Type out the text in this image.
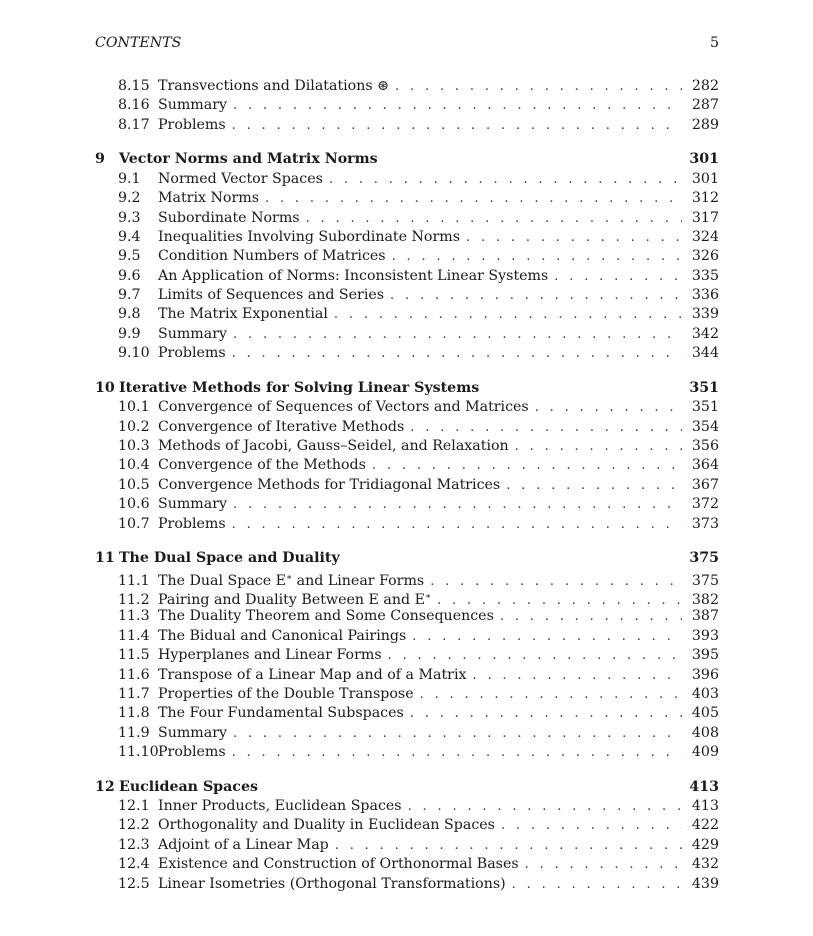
CONTENTS	5
8.15 Transvections and Dilatations ⊛ . . .	282
8.16 Summary . . .	287
8.17 Problems . . .	289
9 Vector Norms and Matrix Norms	301
9.1	Normed Vector Spaces . . .	301
9.2	Matrix Norms . . .	312
9.3	Subordinate Norms . . .	317
9.4	Inequalities Involving Subordinate Norms . . .	324
9.5	Condition Numbers of Matrices . . .	326
9.6	An Application of Norms: Inconsistent Linear Systems . . .	335
9.7	Limits of Sequences and Series . . .	336
9.8	The Matrix Exponential . . .	339
9.9	Summary . . .	342
9.10 Problems . . .	344
10 Iterative Methods for Solving Linear Systems	351
10.1 Convergence of Sequences of Vectors and Matrices . . .	351
10.2 Convergence of Iterative Methods . . .	354
10.3 Methods of Jacobi, Gauss–Seidel, and Relaxation . . .	356
10.4 Convergence of the Methods . . .	364
10.5 Convergence Methods for Tridiagonal Matrices . . .	367
10.6 Summary . . .	372
10.7 Problems . . .	373
11 The Dual Space and Duality	375
11.1 The Dual Space E∗ and Linear Forms . . .	375
11.2 Pairing and Duality Between E and E∗ . . .	382
11.3 The Duality Theorem and Some Consequences . . .	387
11.4 The Bidual and Canonical Pairings . . .	393
11.5 Hyperplanes and Linear Forms . . .	395
11.6 Transpose of a Linear Map and of a Matrix . . .	396
11.7 Properties of the Double Transpose . . .	403
11.8 The Four Fundamental Subspaces . . .	405
11.9 Summary . . .	408
11.10 Problems . . .	409
12 Euclidean Spaces	413
12.1 Inner Products, Euclidean Spaces . . .	413
12.2 Orthogonality and Duality in Euclidean Spaces . . .	422
12.3 Adjoint of a Linear Map . . .	429
12.4 Existence and Construction of Orthonormal Bases . . .	432
12.5 Linear Isometries (Orthogonal Transformations) . . .	439
